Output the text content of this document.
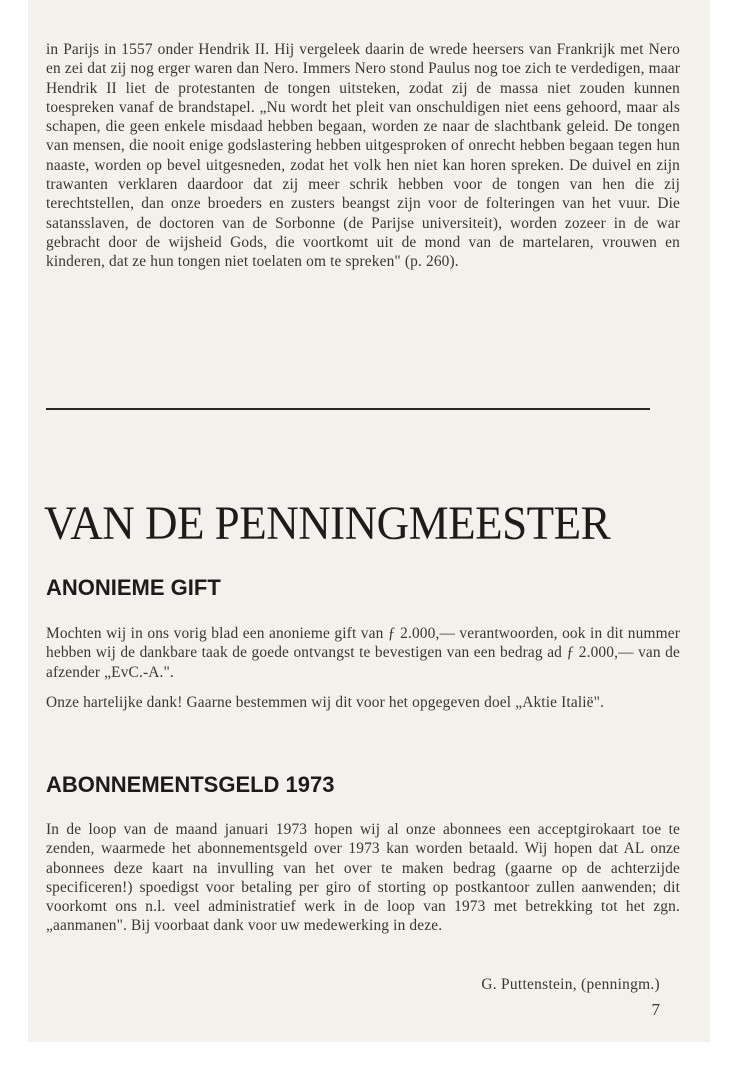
in Parijs in 1557 onder Hendrik II. Hij vergeleek daarin de wrede heersers van Frankrijk met Nero en zei dat zij nog erger waren dan Nero. Immers Nero stond Paulus nog toe zich te verdedigen, maar Hendrik II liet de protestanten de tongen uitsteken, zodat zij de massa niet zouden kunnen toespreken vanaf de brandstapel. „Nu wordt het pleit van onschuldigen niet eens gehoord, maar als schapen, die geen enkele misdaad hebben begaan, worden ze naar de slachtbank geleid. De tongen van mensen, die nooit enige godslastering hebben uitgesproken of onrecht hebben begaan tegen hun naaste, worden op bevel uitgesneden, zodat het volk hen niet kan horen spreken. De duivel en zijn trawanten verklaren daardoor dat zij meer schrik hebben voor de tongen van hen die zij terechtstellen, dan onze broeders en zusters beangst zijn voor de folteringen van het vuur. Die satansslaven, de doctoren van de Sorbonne (de Parijse universiteit), worden zozeer in de war gebracht door de wijsheid Gods, die voortkomt uit de mond van de martelaren, vrouwen en kinderen, dat ze hun tongen niet toelaten om te spreken" (p. 260).

VAN DE PENNINGMEESTER
ANONIEME GIFT

Mochten wij in ons vorig blad een anonieme gift van ƒ 2.000,— verantwoorden, ook in dit nummer hebben wij de dankbare taak de goede ontvangst te bevestigen van een bedrag ad ƒ 2.000,— van de afzender „EvC.-A.".

Onze hartelijke dank! Gaarne bestemmen wij dit voor het opgegeven doel „Aktie Italië".

ABONNEMENTSGELD 1973

In de loop van de maand januari 1973 hopen wij al onze abonnees een acceptgirokaart toe te zenden, waarmede het abonnementsgeld over 1973 kan worden betaald. Wij hopen dat AL onze abonnees deze kaart na invulling van het over te maken bedrag (gaarne op de achterzijde specificeren!) spoedigst voor betaling per giro of storting op postkantoor zullen aanwenden; dit voorkomt ons n.l. veel administratief werk in de loop van 1973 met betrekking tot het zgn. „aanmanen". Bij voorbaat dank voor uw medewerking in deze.

G. Puttenstein, (penningm.)

7
